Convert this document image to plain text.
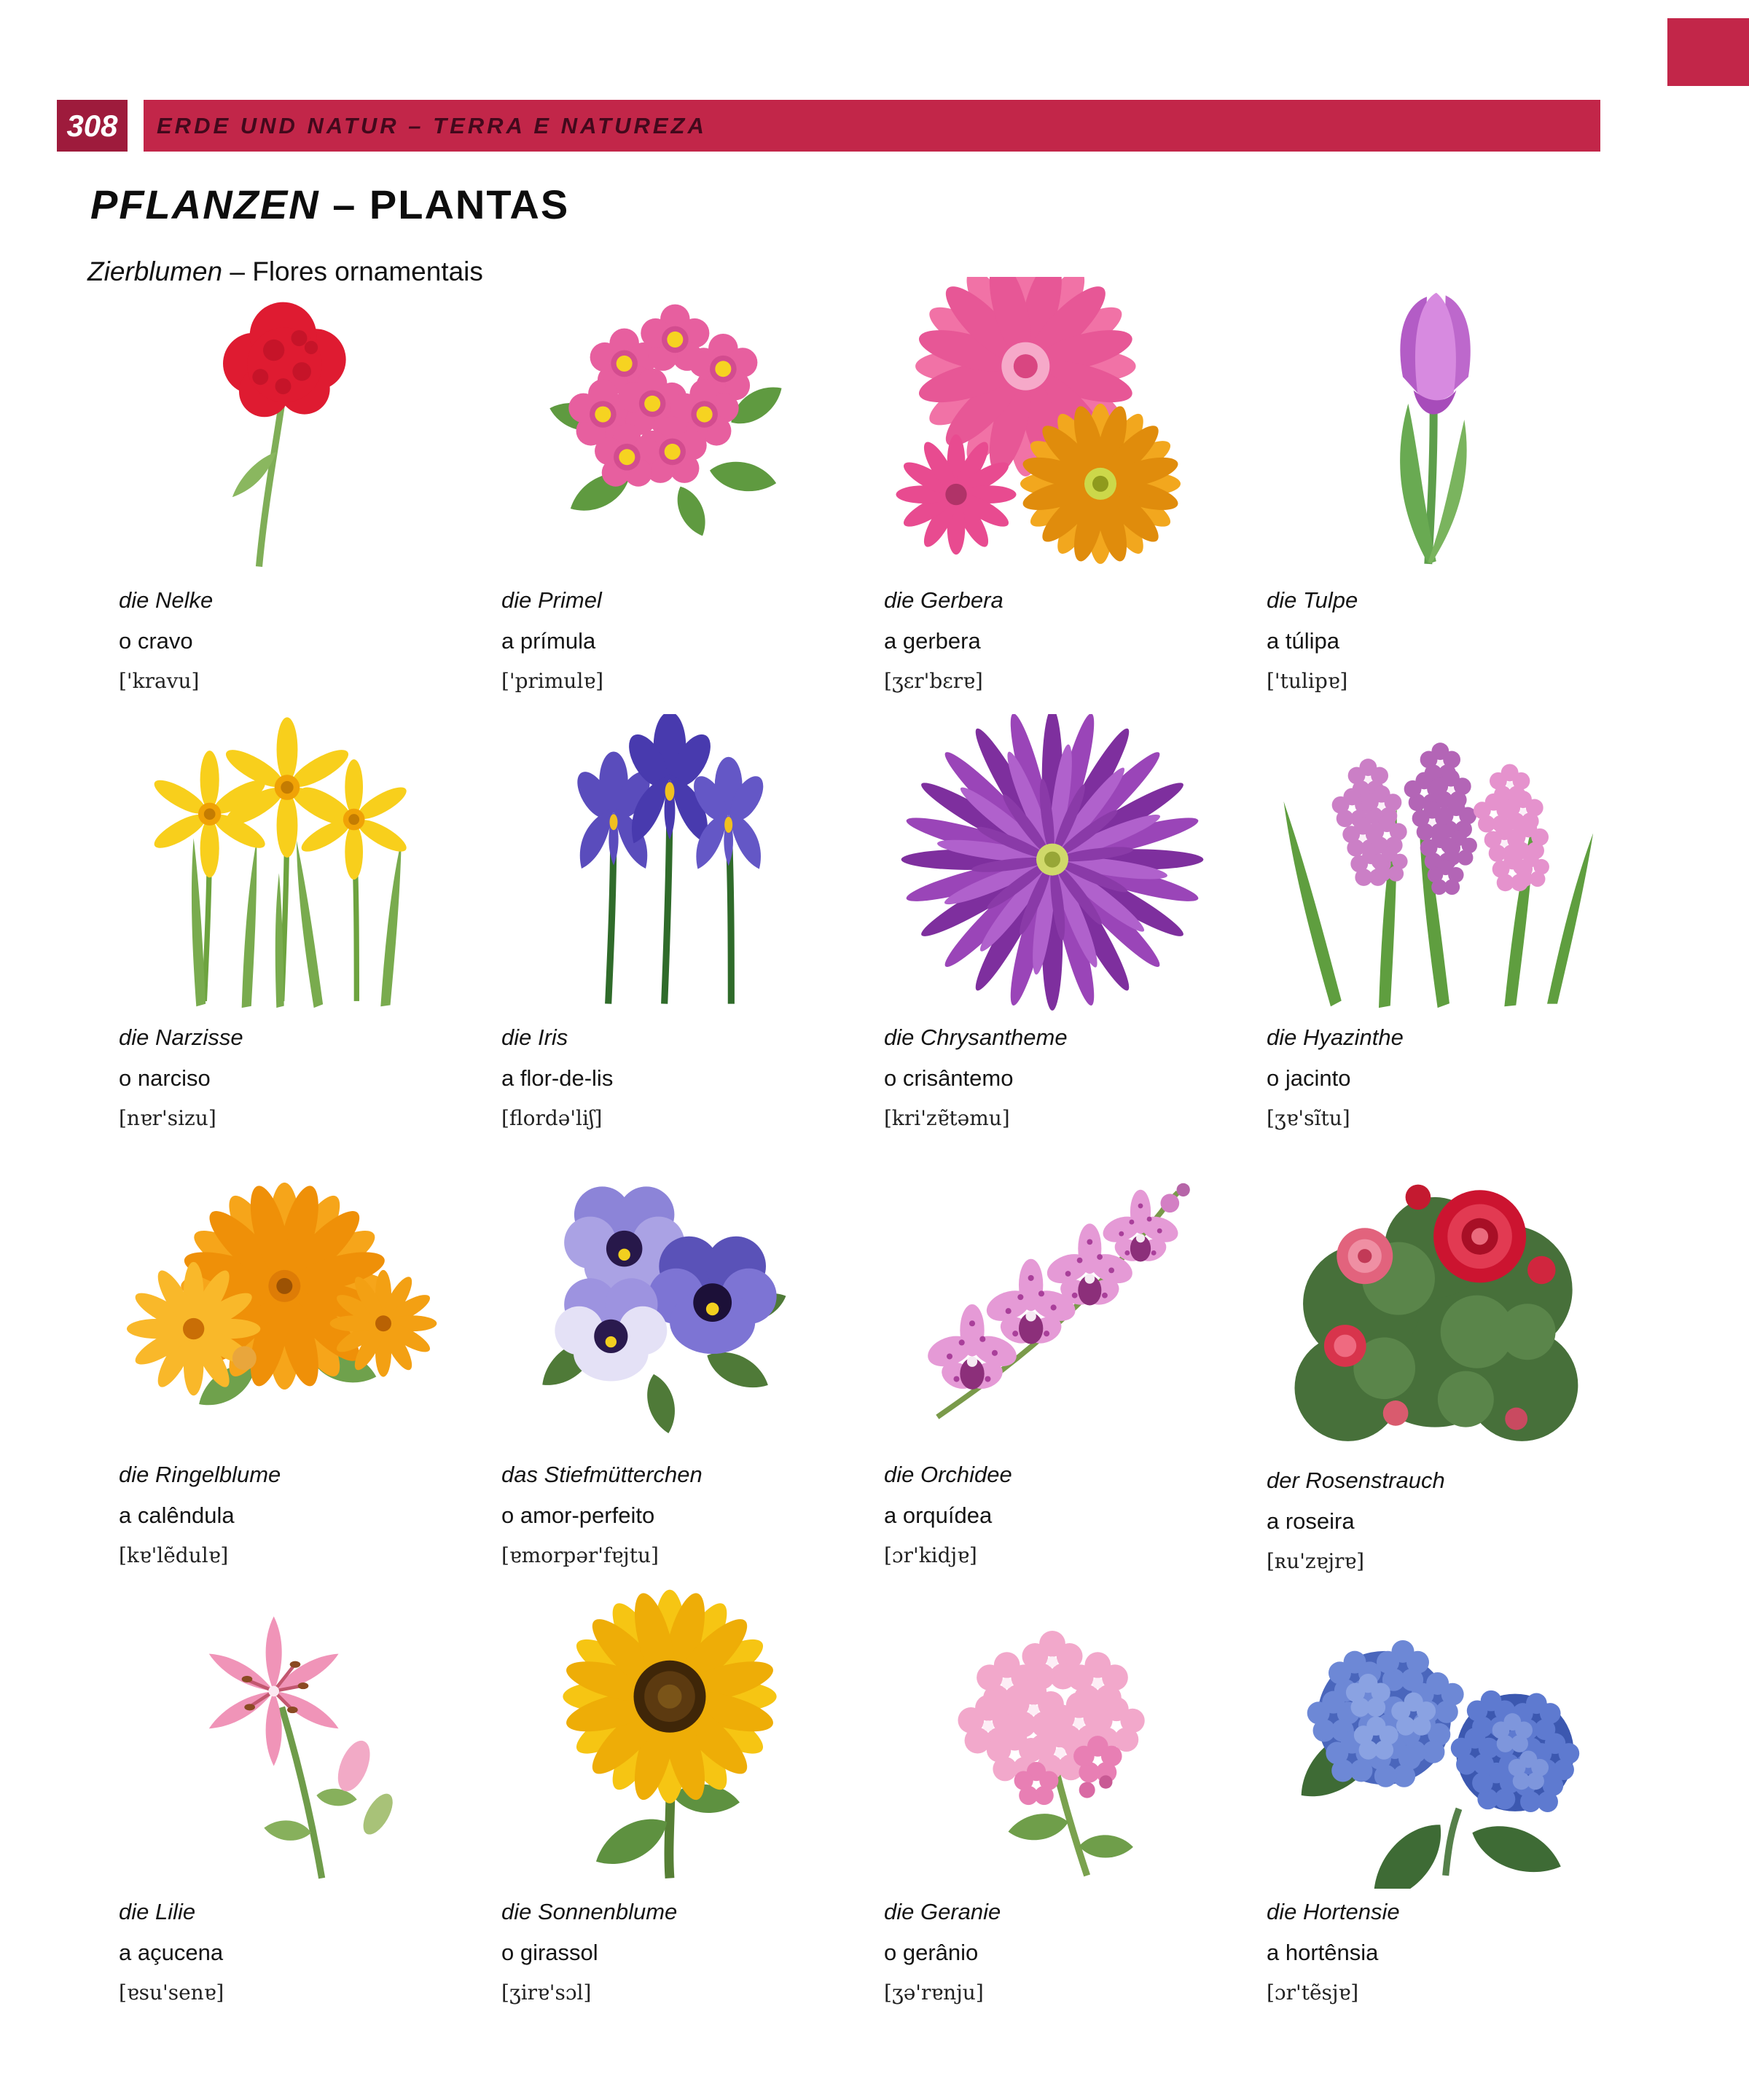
308	ERDE UND NATUR – TERRA E NATUREZA
PFLANZEN – PLANTAS
Zierblumen – Flores ornamentais
die Nelke
o cravo
['kravu]
die Primel
a prímula
['primulɐ]
die Gerbera
a gerbera
[ʒɛr'bɛrɐ]
die Tulpe
a túlipa
['tulipɐ]
die Narzisse
o narciso
[nɐr'sizu]
die Iris
a flor-de-lis
[flordə'liʃ]
die Chrysantheme
o crisântemo
[kri'zɐ̃təmu]
die Hyazinthe
o jacinto
[ʒɐ'sĩtu]
die Ringelblume
a calêndula
[kɐ'lẽdulɐ]
das Stiefmütterchen
o amor-perfeito
[ɐmorpər'fɐjtu]
die Orchidee
a orquídea
[ɔr'kidjɐ]
der Rosenstrauch
a roseira
[ʀu'zɐjrɐ]
die Lilie
a açucena
[ɐsu'senɐ]
die Sonnenblume
o girassol
[ʒirɐ'sɔl]
die Geranie
o gerânio
[ʒə'rɐnju]
die Hortensie
a hortênsia
[ɔr'tẽsjɐ]
